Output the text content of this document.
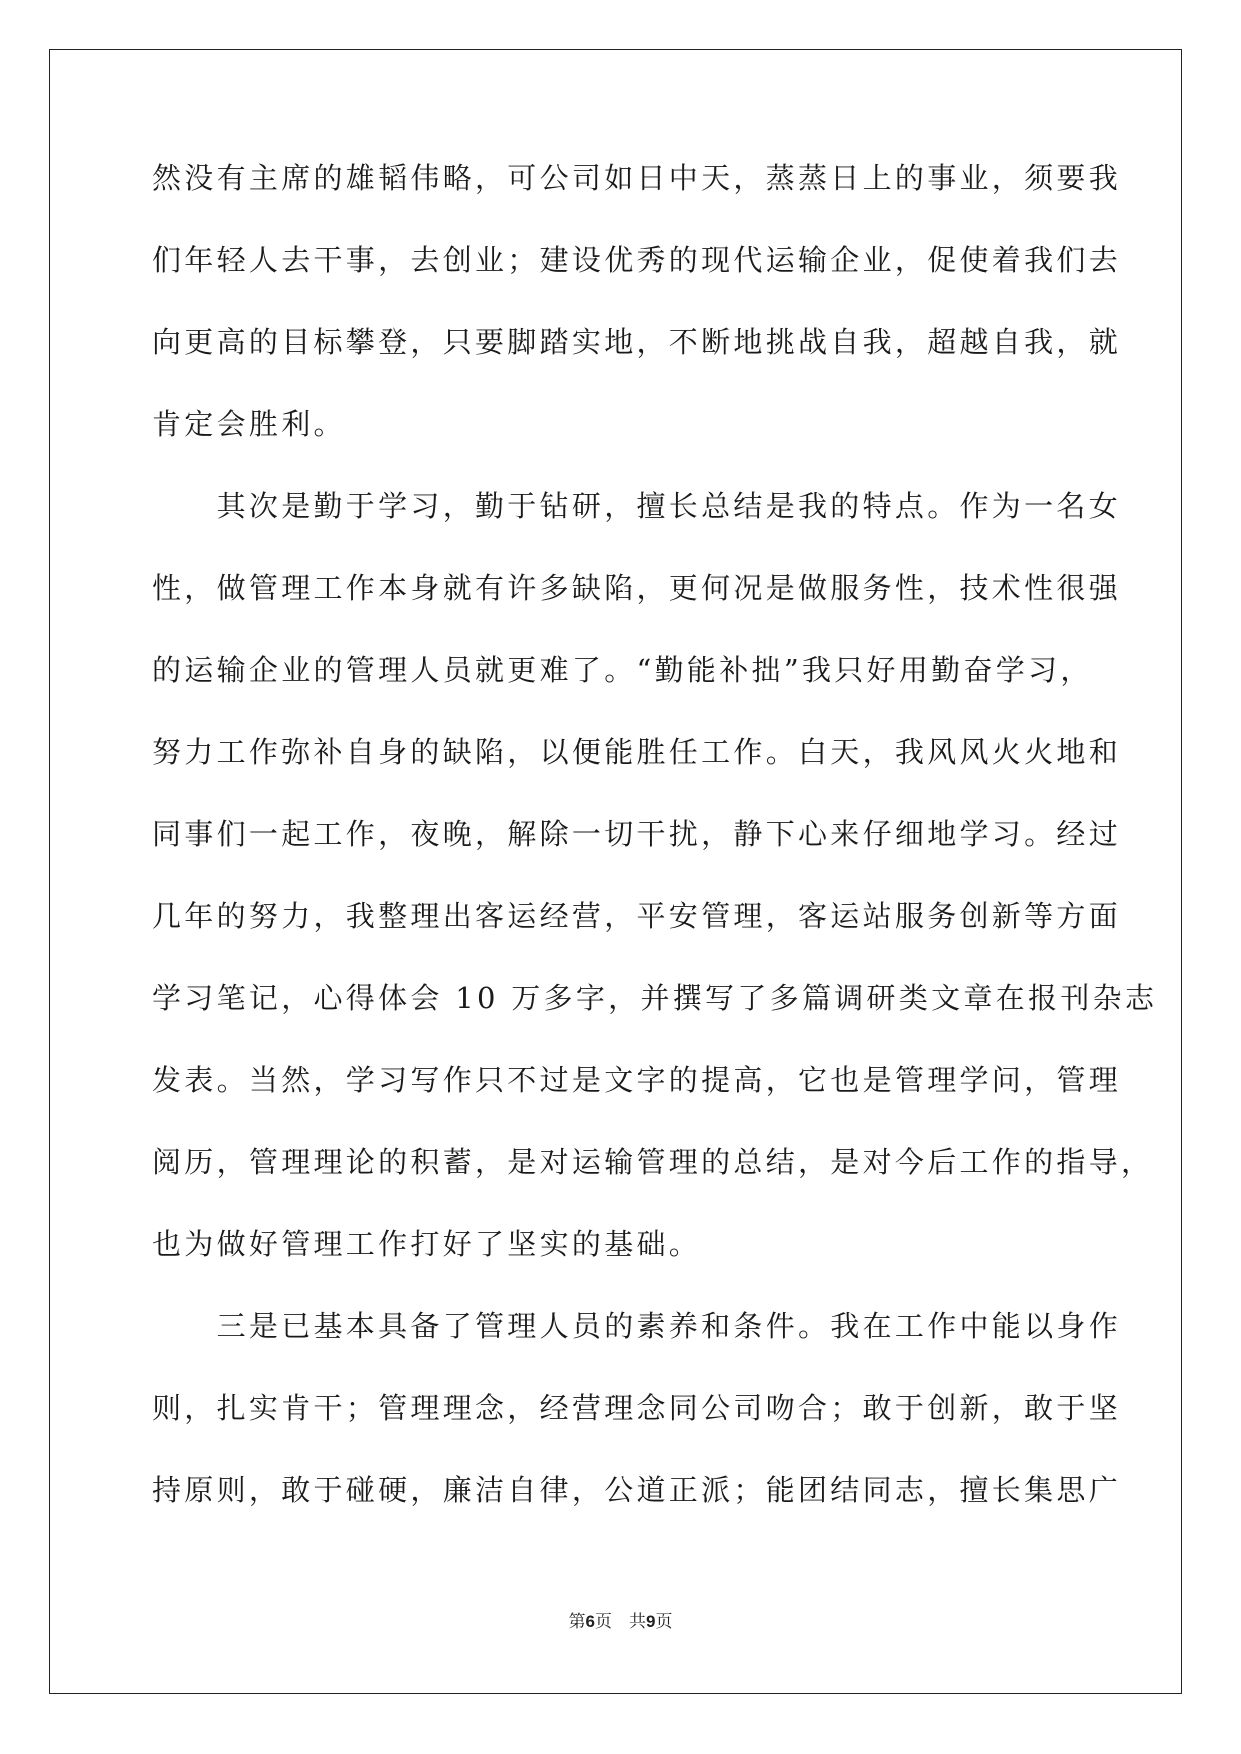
然没有主席的雄韬伟略，可公司如日中天，蒸蒸日上的事业，须要我
们年轻人去干事，去创业；建设优秀的现代运输企业，促使着我们去
向更高的目标攀登，只要脚踏实地，不断地挑战自我，超越自我，就
肯定会胜利。
　　其次是勤于学习，勤于钻研，擅长总结是我的特点。作为一名女
性，做管理工作本身就有许多缺陷，更何况是做服务性，技术性很强
的运输企业的管理人员就更难了。“勤能补拙”我只好用勤奋学习，
努力工作弥补自身的缺陷，以便能胜任工作。白天，我风风火火地和
同事们一起工作，夜晚，解除一切干扰，静下心来仔细地学习。经过
几年的努力，我整理出客运经营，平安管理，客运站服务创新等方面
学习笔记，心得体会 10 万多字，并撰写了多篇调研类文章在报刊杂志
发表。当然，学习写作只不过是文字的提高，它也是管理学问，管理
阅历，管理理论的积蓄，是对运输管理的总结，是对今后工作的指导，
也为做好管理工作打好了坚实的基础。
　　三是已基本具备了管理人员的素养和条件。我在工作中能以身作
则，扎实肯干；管理理念，经营理念同公司吻合；敢于创新，敢于坚
持原则，敢于碰硬，廉洁自律，公道正派；能团结同志，擅长集思广
第6页　共9页
